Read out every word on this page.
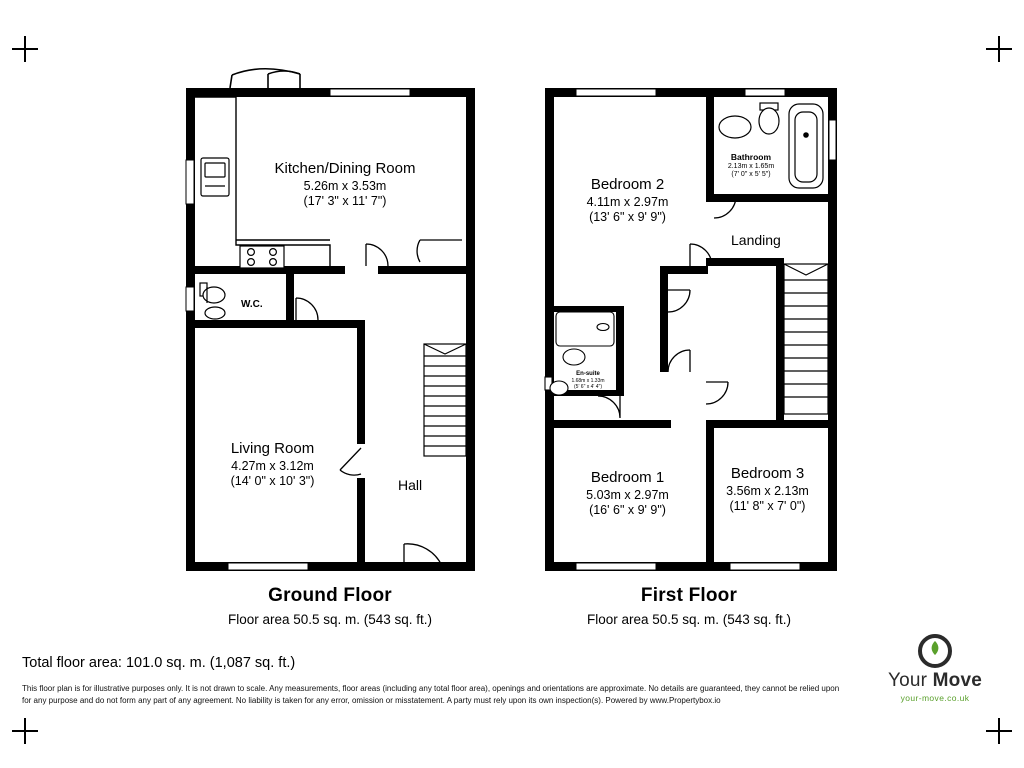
Kitchen/Dining Room
5.26m x 3.53m
(17' 3" x 11' 7")
Living Room
4.27m x 3.12m
(14' 0" x 10' 3")	Hall
W.C.
Bedroom 2
4.11m x 2.97m
(13' 6" x 9' 9")
Bedroom 1
5.03m x 2.97m
(16' 6" x 9' 9")
Bedroom 3
3.56m x 2.13m
(11' 8" x 7' 0")
Bathroom
2.13m x 1.65m
(7' 0" x 5' 5")
En-suite
1.68m x 1.33m
(5' 6" x 4' 4")
Landing
Ground Floor
Floor area 50.5 sq. m. (543 sq. ft.)
First Floor
Floor area 50.5 sq. m. (543 sq. ft.)
Total floor area: 101.0 sq. m. (1,087 sq. ft.)
This floor plan is for illustrative purposes only. It is not drawn to scale. Any measurements, floor areas (including any total floor area), openings and orientations are approximate. No details are guaranteed, they cannot be relied upon for any purpose and do not form any part of any agreement. No liability is taken for any error, omission or misstatement. A party must rely upon its own inspection(s). Powered by www.Propertybox.io
Your Move
your-move.co.uk
